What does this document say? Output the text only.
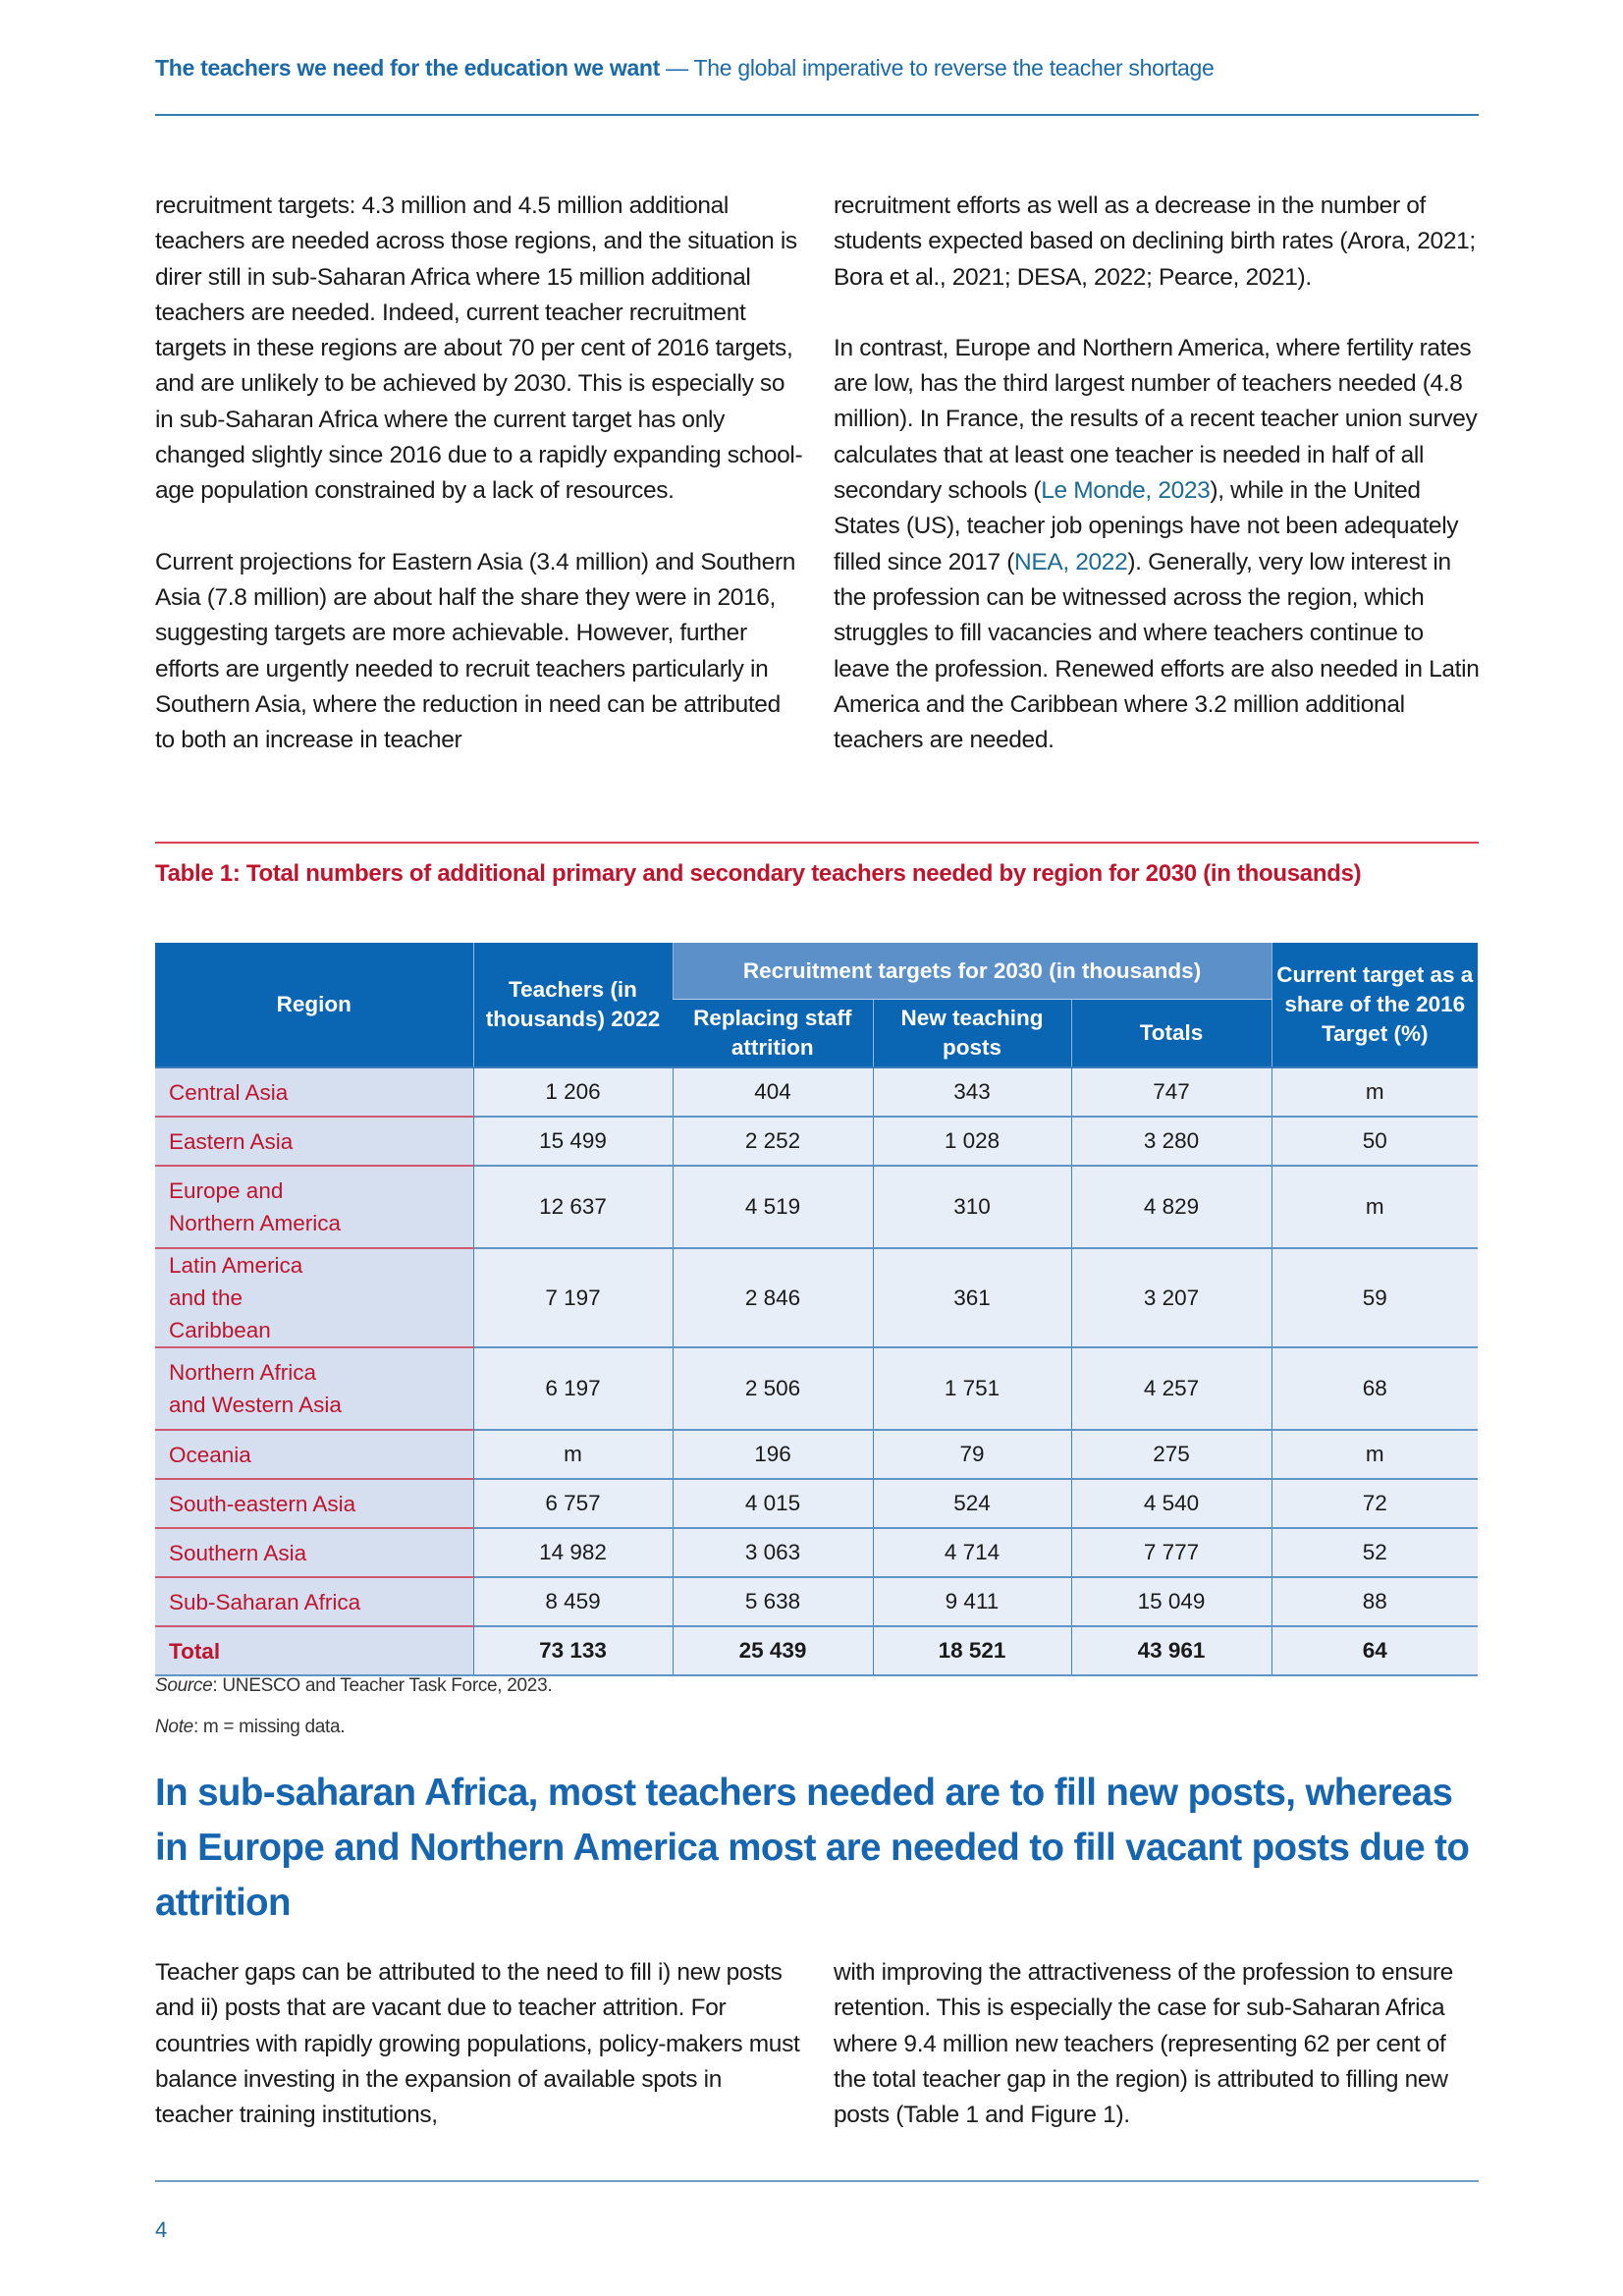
The teachers we need for the education we want — The global imperative to reverse the teacher shortage

recruitment targets: 4.3 million and 4.5 million additional teachers are needed across those regions, and the situation is direr still in sub-Saharan Africa where 15 million additional teachers are needed. Indeed, current teacher recruitment targets in these regions are about 70 per cent of 2016 targets, and are unlikely to be achieved by 2030. This is especially so in sub-Saharan Africa where the current target has only changed slightly since 2016 due to a rapidly expanding school-age population constrained by a lack of resources.

Current projections for Eastern Asia (3.4 million) and Southern Asia (7.8 million) are about half the share they were in 2016, suggesting targets are more achievable. However, further efforts are urgently needed to recruit teachers particularly in Southern Asia, where the reduction in need can be attributed to both an increase in teacher

recruitment efforts as well as a decrease in the number of students expected based on declining birth rates (Arora, 2021; Bora et al., 2021; DESA, 2022; Pearce, 2021).

In contrast, Europe and Northern America, where fertility rates are low, has the third largest number of teachers needed (4.8 million). In France, the results of a recent teacher union survey calculates that at least one teacher is needed in half of all secondary schools (Le Monde, 2023), while in the United States (US), teacher job openings have not been adequately filled since 2017 (NEA, 2022). Generally, very low interest in the profession can be witnessed across the region, which struggles to fill vacancies and where teachers continue to leave the profession. Renewed efforts are also needed in Latin America and the Caribbean where 3.2 million additional teachers are needed.

Table 1: Total numbers of additional primary and secondary teachers needed by region for 2030 (in thousands)
Region	Teachers (in thousands) 2022	Recruitment targets for 2030 (in thousands)			Current target as a share of the 2016 Target (%)
		Replacing staff attrition	New teaching posts	Totals	
Central Asia	1 206	404	343	747	m
Eastern Asia	15 499	2 252	1 028	3 280	50
Europe and Northern America	12 637	4 519	310	4 829	m
Latin America and the Caribbean	7 197	2 846	361	3 207	59
Northern Africa and Western Asia	6 197	2 506	1 751	4 257	68
Oceania	m	196	79	275	m
South-eastern Asia	6 757	4 015	524	4 540	72
Southern Asia	14 982	3 063	4 714	7 777	52
Sub-Saharan Africa	8 459	5 638	9 411	15 049	88
Total	73 133	25 439	18 521	43 961	64
Source: UNESCO and Teacher Task Force, 2023.
Note: m = missing data.
In sub-saharan Africa, most teachers needed are to fill new posts, whereas in Europe and Northern America most are needed to fill vacant posts due to attrition

Teacher gaps can be attributed to the need to fill i) new posts and ii) posts that are vacant due to teacher attrition. For countries with rapidly growing populations, policy-makers must balance investing in the expansion of available spots in teacher training institutions,

with improving the attractiveness of the profession to ensure retention. This is especially the case for sub-Saharan Africa where 9.4 million new teachers (representing 62 per cent of the total teacher gap in the region) is attributed to filling new posts (Table 1 and Figure 1).

4
